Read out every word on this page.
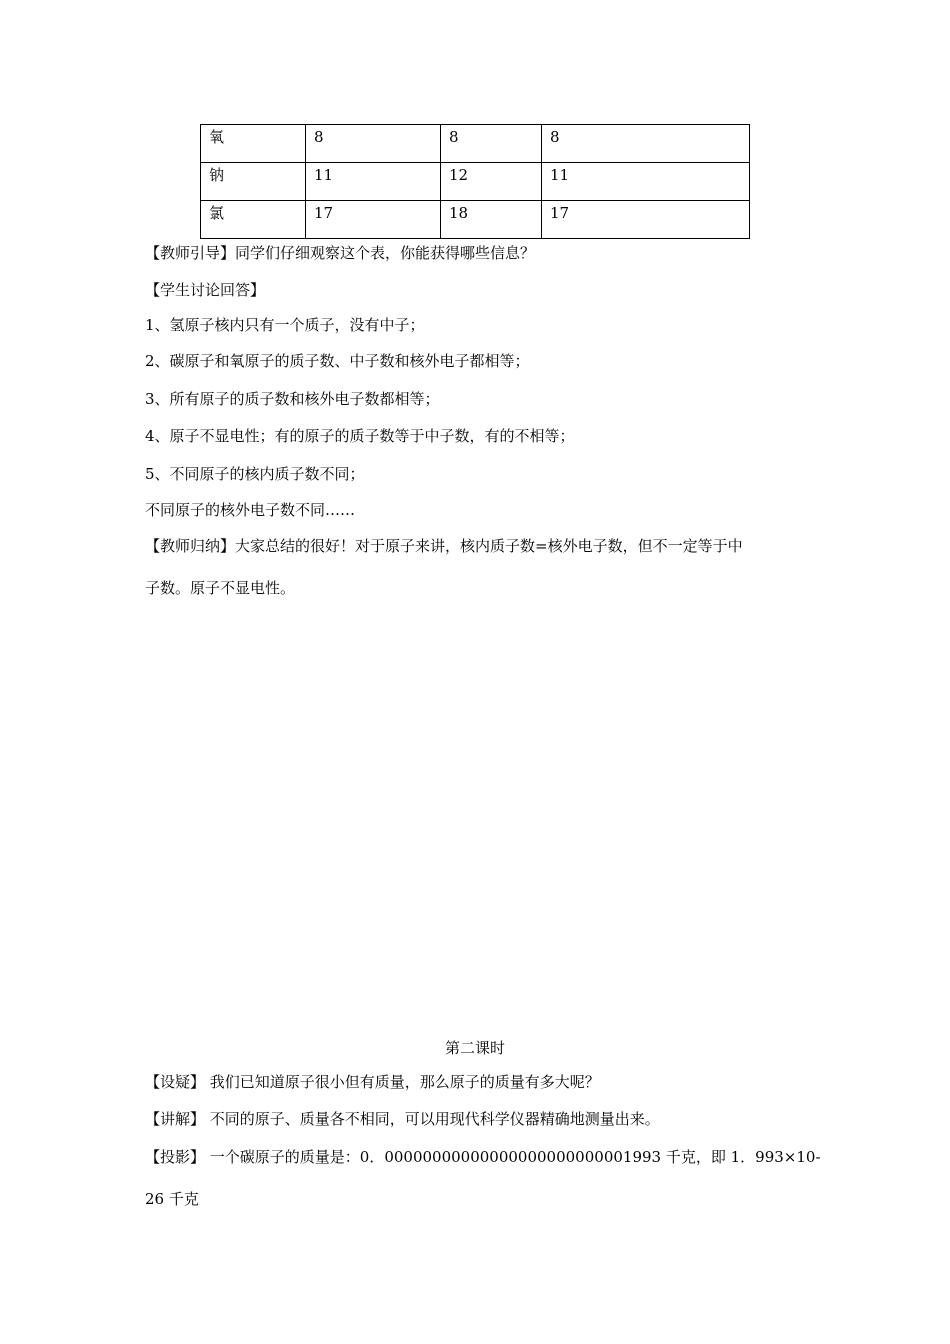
氧	8	8	8
钠	11	12	11
氯	17	18	17
【教师引导】同学们仔细观察这个表，你能获得哪些信息？
【学生讨论回答】
1、氢原子核内只有一个质子，没有中子；
2、碳原子和氧原子的质子数、中子数和核外电子都相等；
3、所有原子的质子数和核外电子数都相等；
4、原子不显电性；有的原子的质子数等于中子数，有的不相等；
5、不同原子的核内质子数不同；
不同原子的核外电子数不同……
【教师归纳】大家总结的很好！对于原子来讲，核内质子数=核外电子数，但不一定等于中
子数。原子不显电性。
第二课时
【设疑】 我们已知道原子很小但有质量，那么原子的质量有多大呢？
【讲解】 不同的原子、质量各不相同，可以用现代科学仪器精确地测量出来。
【投影】 一个碳原子的质量是：0．00000000000000000000000001993 千克，即 1．993×10-
26 千克
